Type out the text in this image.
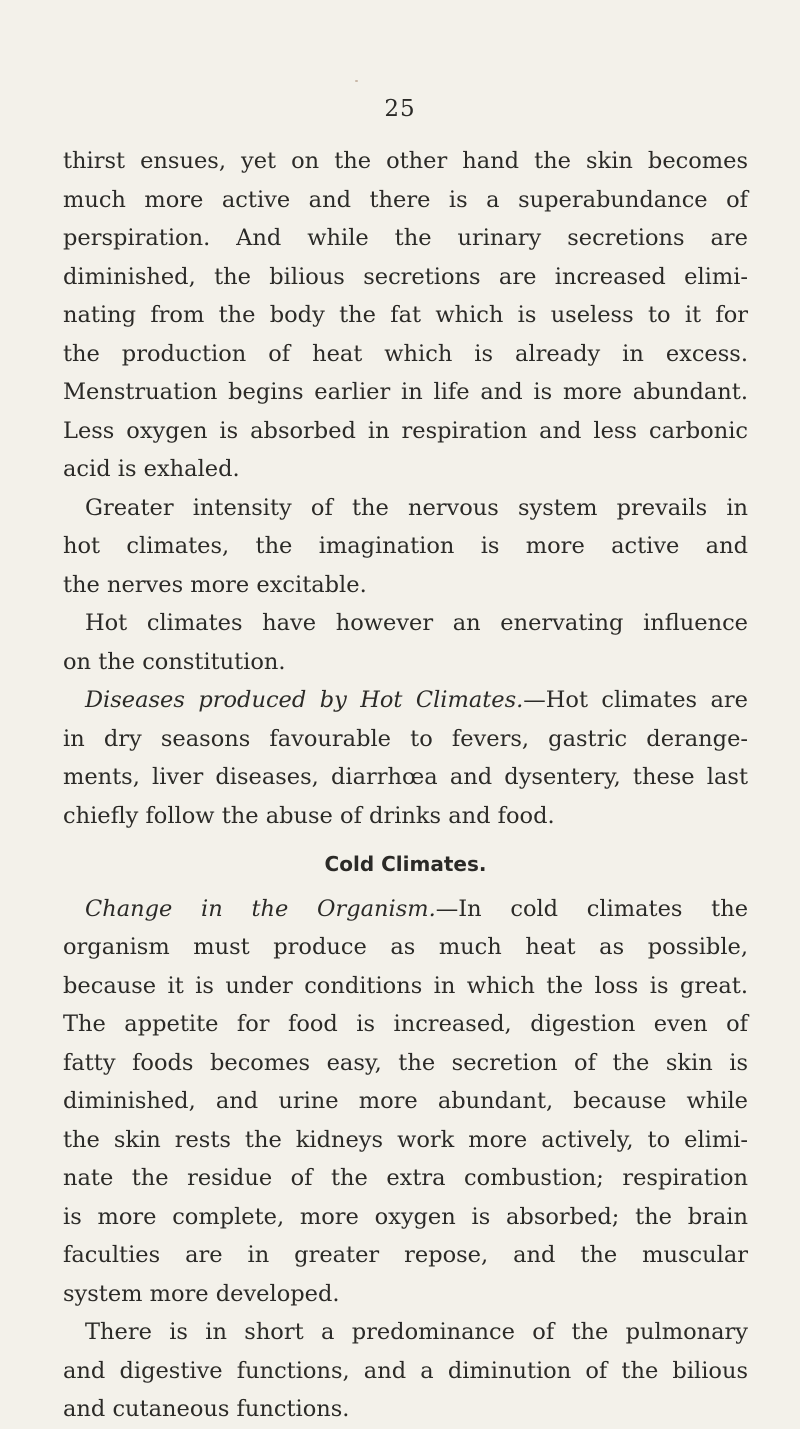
25
thirst ensues, yet on the other hand the skin becomes
much more active and there is a superabundance of
perspiration. And while the urinary secretions are
diminished, the bilious secretions are increased elimi-
nating from the body the fat which is useless to it for
the production of heat which is already in excess.
Menstruation begins earlier in life and is more abundant.
Less oxygen is absorbed in respiration and less carbonic
acid is exhaled.
Greater intensity of the nervous system prevails in
hot climates, the imagination is more active and
the nerves more excitable.
Hot climates have however an enervating influence
on the constitution.
Diseases produced by Hot Climates.—Hot climates are
in dry seasons favourable to fevers, gastric derange-
ments, liver diseases, diarrhœa and dysentery, these last
chiefly follow the abuse of drinks and food.
Cold Climates.
Change in the Organism.—In cold climates the
organism must produce as much heat as possible,
because it is under conditions in which the loss is great.
The appetite for food is increased, digestion even of
fatty foods becomes easy, the secretion of the skin is
diminished, and urine more abundant, because while
the skin rests the kidneys work more actively, to elimi-
nate the residue of the extra combustion; respiration
is more complete, more oxygen is absorbed; the brain
faculties are in greater repose, and the muscular
system more developed.
There is in short a predominance of the pulmonary
and digestive functions, and a diminution of the bilious
and cutaneous functions.
